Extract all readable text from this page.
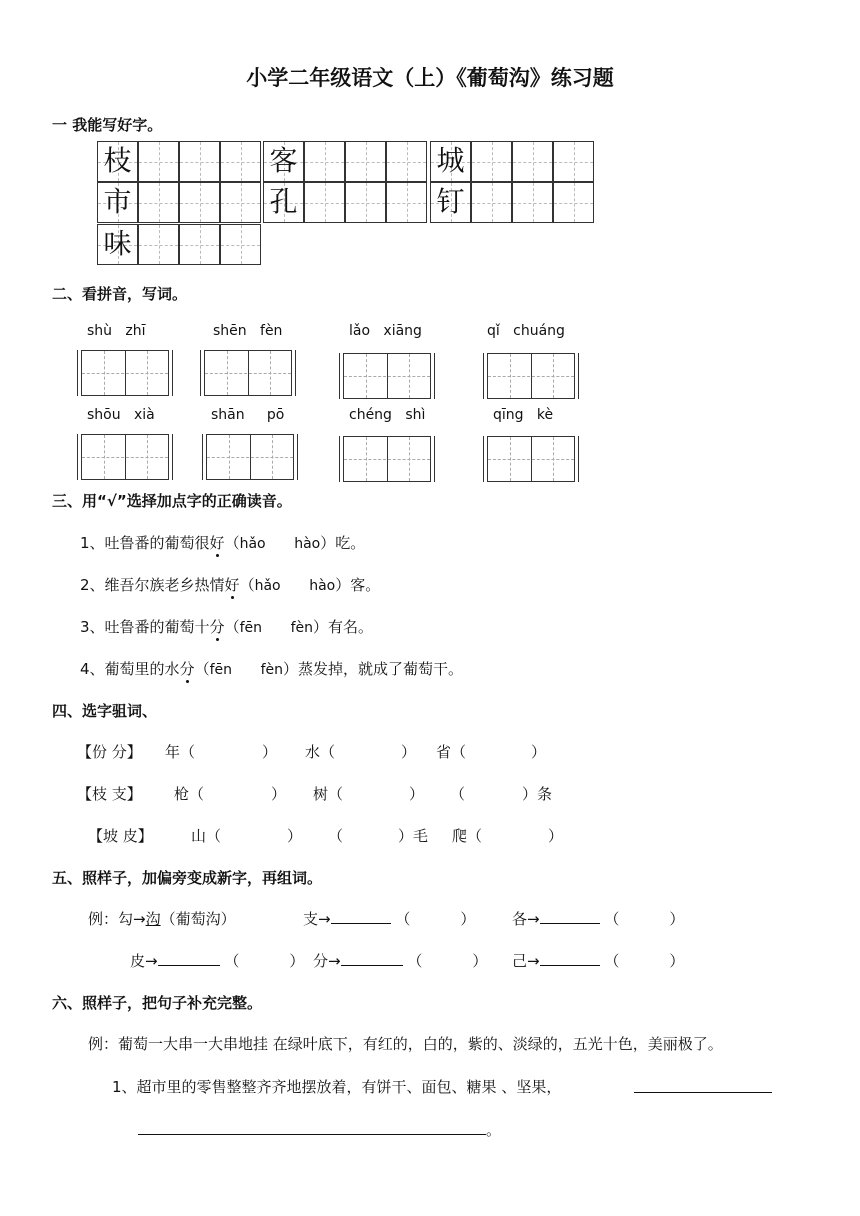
小学二年级语文（上）《葡萄沟》练习题
一 我能写好字。
枝	客	城
市	孔	钉
味
二、看拼音，写词。
shù zhī	shēn fèn	lǎo xiāng	qǐ chuáng
shōu xià	shān pō	chéng shì	qīng kè
三、用“√”选择加点字的正确读音。
1、吐鲁番的葡萄很好（hǎo hào）吃。
2、维吾尔族老乡热情好（hǎo hào）客。
3、吐鲁番的葡萄十分（fēn fèn）有名。
4、葡萄里的水分（fēn fèn）蒸发掉，就成了葡萄干。
四、选字驵词、
【份 分】 年（	） 水（	） 省（	）
【枝 支】 枪（	） 树（	） （	）条
【坡 皮】	山（	） （	）毛 爬（	）
五、照样子，加偏旁变成新字，再组词。
例：勾→沟（葡萄沟）	支→	（	） 各→	（	）
皮→	（	） 分→	（	） 己→	（	）
六、照样子，把句子补充完整。
例：葡萄一大串一大串地挂 在绿叶底下，有红的，白的，紫的、淡绿的，五光十色，美丽极了。
1、超市里的零售整整齐齐地摆放着，有饼干、面包、糖果 、坚果，
。
